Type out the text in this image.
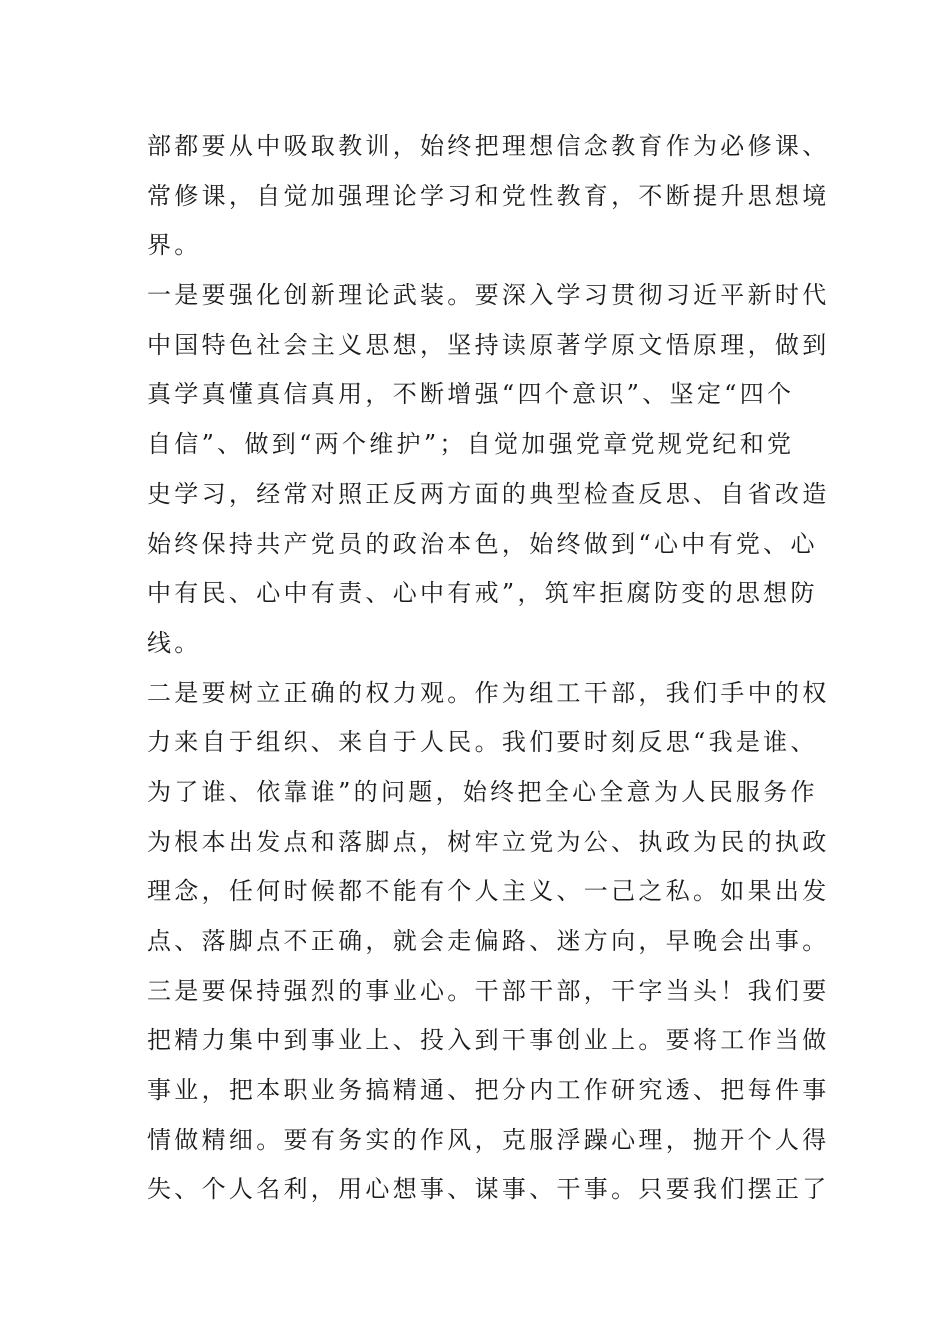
部都要从中吸取教训，始终把理想信念教育作为必修课、
常修课，自觉加强理论学习和党性教育，不断提升思想境
界。
一是要强化创新理论武装。要深入学习贯彻习近平新时代
中国特色社会主义思想，坚持读原著学原文悟原理，做到
真学真懂真信真用，不断增强“四个意识”、坚定“四个
自信”、做到“两个维护”；自觉加强党章党规党纪和党
史学习，经常对照正反两方面的典型检查反思、自省改造
始终保持共产党员的政治本色，始终做到“心中有党、心
中有民、心中有责、心中有戒”，筑牢拒腐防变的思想防
线。
二是要树立正确的权力观。作为组工干部，我们手中的权
力来自于组织、来自于人民。我们要时刻反思“我是谁、
为了谁、依靠谁”的问题，始终把全心全意为人民服务作
为根本出发点和落脚点，树牢立党为公、执政为民的执政
理念，任何时候都不能有个人主义、一己之私。如果出发
点、落脚点不正确，就会走偏路、迷方向，早晚会出事。
三是要保持强烈的事业心。干部干部，干字当头！我们要
把精力集中到事业上、投入到干事创业上。要将工作当做
事业，把本职业务搞精通、把分内工作研究透、把每件事
情做精细。要有务实的作风，克服浮躁心理，抛开个人得
失、个人名利，用心想事、谋事、干事。只要我们摆正了
